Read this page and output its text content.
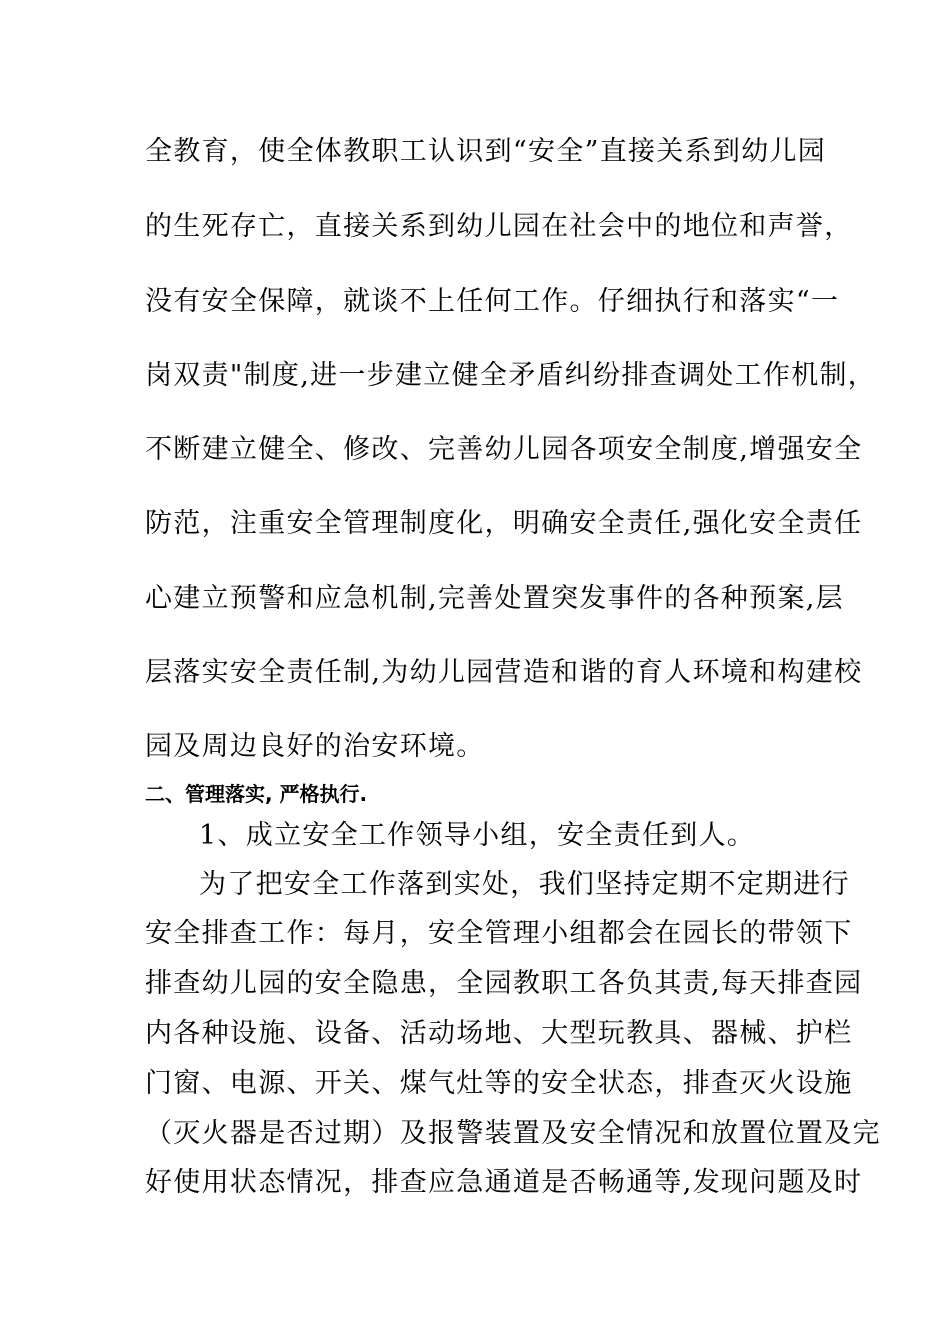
全教育，使全体教职工认识到“安全”直接关系到幼儿园
的生死存亡，直接关系到幼儿园在社会中的地位和声誉，
没有安全保障，就谈不上任何工作。仔细执行和落实“一
岗双责"制度,进一步建立健全矛盾纠纷排查调处工作机制，
不断建立健全、修改、完善幼儿园各项安全制度,增强安全
防范，注重安全管理制度化，明确安全责任,强化安全责任
心建立预警和应急机制,完善处置突发事件的各种预案,层
层落实安全责任制,为幼儿园营造和谐的育人环境和构建校
园及周边良好的治安环境。
二、管理落实, 严格执行.
1、成立安全工作领导小组，安全责任到人。
为了把安全工作落到实处，我们坚持定期不定期进行
安全排查工作：每月，安全管理小组都会在园长的带领下
排查幼儿园的安全隐患，全园教职工各负其责,每天排查园
内各种设施、设备、活动场地、大型玩教具、器械、护栏
门窗、电源、开关、煤气灶等的安全状态，排查灭火设施
（灭火器是否过期）及报警装置及安全情况和放置位置及完
好使用状态情况，排查应急通道是否畅通等,发现问题及时
